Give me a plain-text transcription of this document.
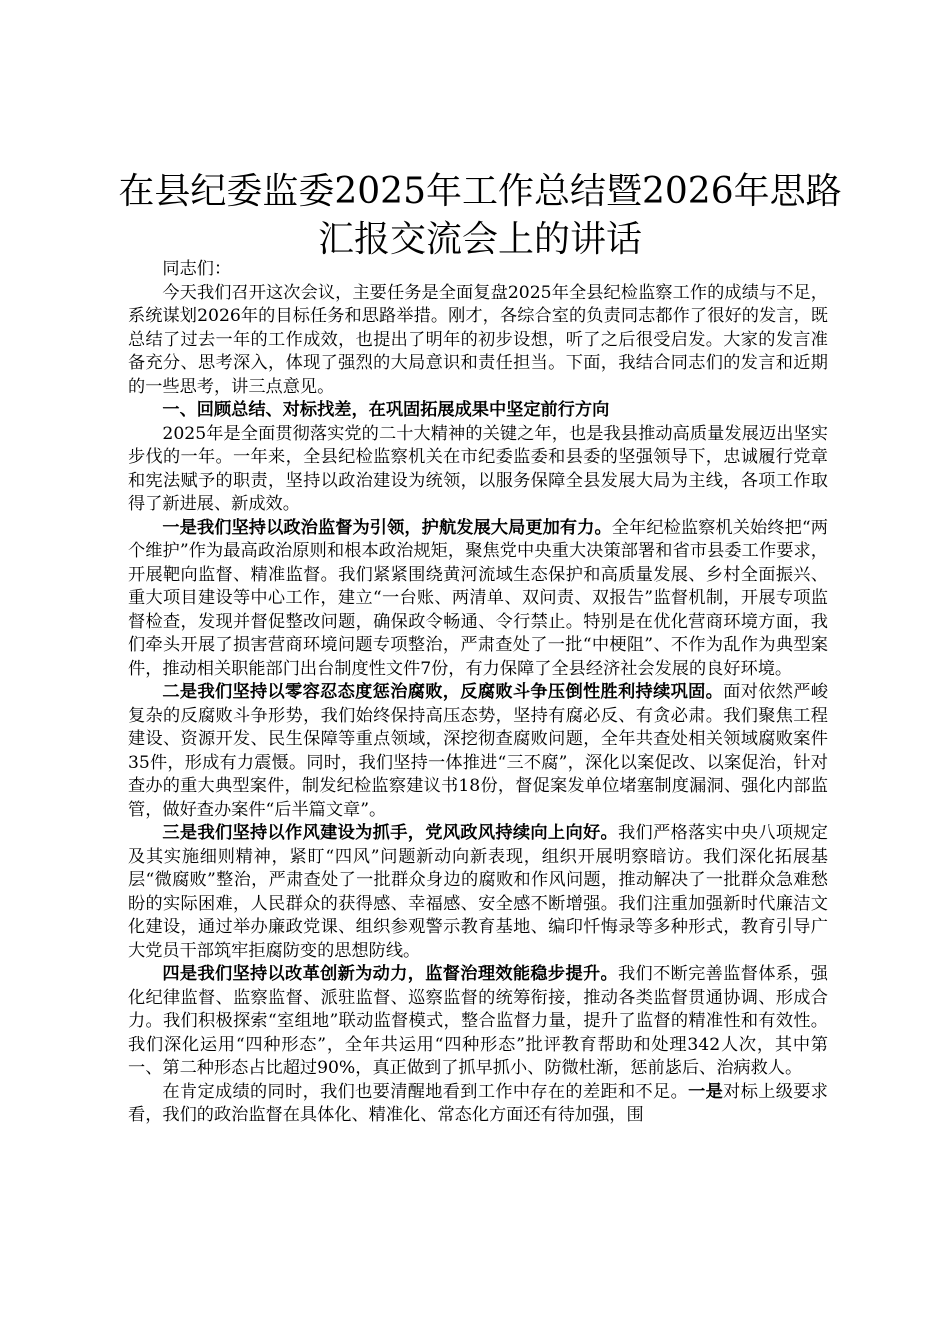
在县纪委监委2025年工作总结暨2026年思路
汇报交流会上的讲话

同志们：

今天我们召开这次会议，主要任务是全面复盘2025年全县纪检监察工作的成绩与不足，系统谋划2026年的目标任务和思路举措。刚才，各综合室的负责同志都作了很好的发言，既总结了过去一年的工作成效，也提出了明年的初步设想，听了之后很受启发。大家的发言准备充分、思考深入，体现了强烈的大局意识和责任担当。下面，我结合同志们的发言和近期的一些思考，讲三点意见。

一、回顾总结、对标找差，在巩固拓展成果中坚定前行方向

2025年是全面贯彻落实党的二十大精神的关键之年，也是我县推动高质量发展迈出坚实步伐的一年。一年来，全县纪检监察机关在市纪委监委和县委的坚强领导下，忠诚履行党章和宪法赋予的职责，坚持以政治建设为统领，以服务保障全县发展大局为主线，各项工作取得了新进展、新成效。

一是我们坚持以政治监督为引领，护航发展大局更加有力。全年纪检监察机关始终把“两个维护”作为最高政治原则和根本政治规矩，聚焦党中央重大决策部署和省市县委工作要求，开展靶向监督、精准监督。我们紧紧围绕黄河流域生态保护和高质量发展、乡村全面振兴、重大项目建设等中心工作，建立“一台账、两清单、双问责、双报告”监督机制，开展专项监督检查，发现并督促整改问题，确保政令畅通、令行禁止。特别是在优化营商环境方面，我们牵头开展了损害营商环境问题专项整治，严肃查处了一批“中梗阻”、不作为乱作为典型案件，推动相关职能部门出台制度性文件7份，有力保障了全县经济社会发展的良好环境。

二是我们坚持以零容忍态度惩治腐败，反腐败斗争压倒性胜利持续巩固。面对依然严峻复杂的反腐败斗争形势，我们始终保持高压态势，坚持有腐必反、有贪必肃。我们聚焦工程建设、资源开发、民生保障等重点领域，深挖彻查腐败问题，全年共查处相关领域腐败案件35件，形成有力震慑。同时，我们坚持一体推进“三不腐”，深化以案促改、以案促治，针对查办的重大典型案件，制发纪检监察建议书18份，督促案发单位堵塞制度漏洞、强化内部监管，做好查办案件“后半篇文章”。

三是我们坚持以作风建设为抓手，党风政风持续向上向好。我们严格落实中央八项规定及其实施细则精神，紧盯“四风”问题新动向新表现，组织开展明察暗访。我们深化拓展基层“微腐败”整治，严肃查处了一批群众身边的腐败和作风问题，推动解决了一批群众急难愁盼的实际困难，人民群众的获得感、幸福感、安全感不断增强。我们注重加强新时代廉洁文化建设，通过举办廉政党课、组织参观警示教育基地、编印忏悔录等多种形式，教育引导广大党员干部筑牢拒腐防变的思想防线。

四是我们坚持以改革创新为动力，监督治理效能稳步提升。我们不断完善监督体系，强化纪律监督、监察监督、派驻监督、巡察监督的统筹衔接，推动各类监督贯通协调、形成合力。我们积极探索“室组地”联动监督模式，整合监督力量，提升了监督的精准性和有效性。我们深化运用“四种形态”，全年共运用“四种形态”批评教育帮助和处理342人次，其中第一、第二种形态占比超过90%，真正做到了抓早抓小、防微杜渐，惩前毖后、治病救人。

在肯定成绩的同时，我们也要清醒地看到工作中存在的差距和不足。一是对标上级要求看，我们的政治监督在具体化、精准化、常态化方面还有待加强，围
